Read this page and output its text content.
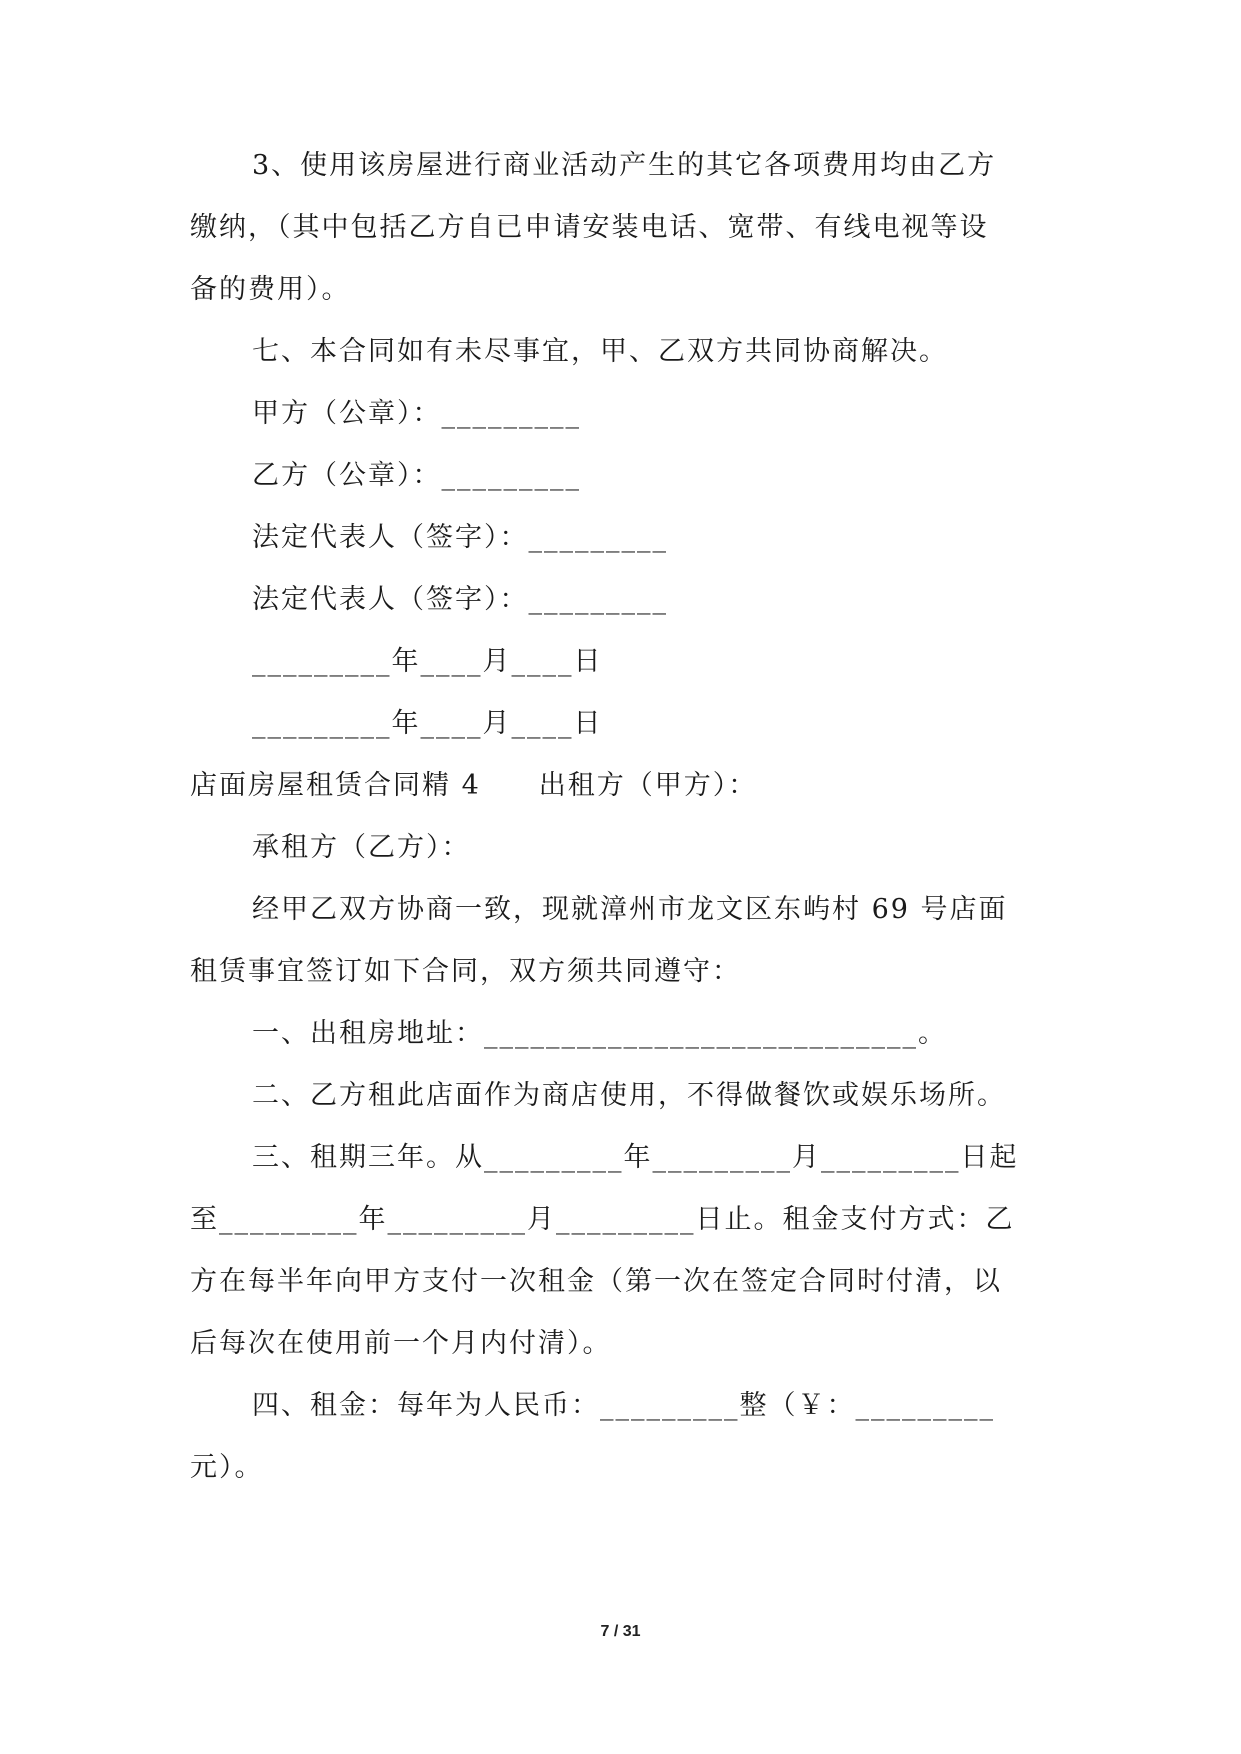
3、使用该房屋进行商业活动产生的其它各项费用均由乙方
缴纳，（其中包括乙方自已申请安装电话、宽带、有线电视等设
备的费用）。
七、本合同如有未尽事宜，甲、乙双方共同协商解决。
甲方（公章）：_________
乙方（公章）：_________
法定代表人（签字）：_________
法定代表人（签字）：_________
_________年____月____日
_________年____月____日
店面房屋租赁合同精 4　　出租方（甲方）：
承租方（乙方）：
经甲乙双方协商一致，现就漳州市龙文区东屿村 69 号店面
租赁事宜签订如下合同，双方须共同遵守：
一、出租房地址：____________________________。
二、乙方租此店面作为商店使用，不得做餐饮或娱乐场所。
三、租期三年。从_________年_________月_________日起
至_________年_________月_________日止。租金支付方式：乙
方在每半年向甲方支付一次租金（第一次在签定合同时付清，以
后每次在使用前一个月内付清）。
四、租金：每年为人民币：_________整（￥：_________
元）。
7 / 31
